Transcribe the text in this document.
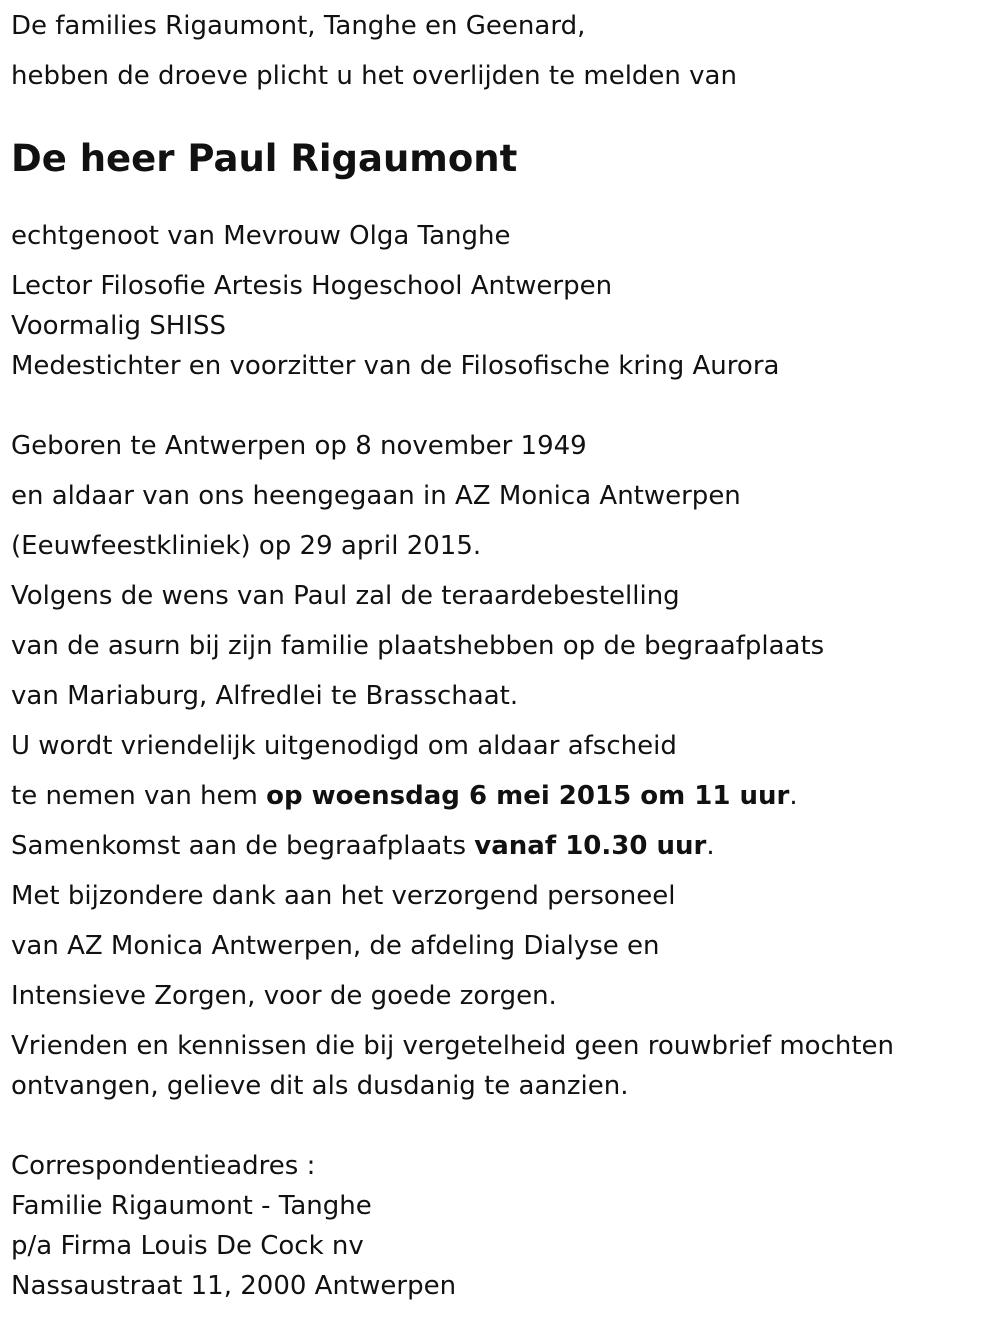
De families Rigaumont, Tanghe en Geenard,

hebben de droeve plicht u het overlijden te melden van

De heer Paul Rigaumont

echtgenoot van Mevrouw Olga Tanghe

Lector Filosofie Artesis Hogeschool Antwerpen

Voormalig SHISS

Medestichter en voorzitter van de Filosofische kring Aurora

Geboren te Antwerpen op 8 november 1949

en aldaar van ons heengegaan in AZ Monica Antwerpen

(Eeuwfeestkliniek) op 29 april 2015.

Volgens de wens van Paul zal de teraardebestelling

van de asurn bij zijn familie plaatshebben op de begraafplaats

van Mariaburg, Alfredlei te Brasschaat.

U wordt vriendelijk uitgenodigd om aldaar afscheid

te nemen van hem op woensdag 6 mei 2015 om 11 uur.

Samenkomst aan de begraafplaats vanaf 10.30 uur.

Met bijzondere dank aan het verzorgend personeel

van AZ Monica Antwerpen, de afdeling Dialyse en

Intensieve Zorgen, voor de goede zorgen.

Vrienden en kennissen die bij vergetelheid geen rouwbrief mochten

ontvangen, gelieve dit als dusdanig te aanzien.

Correspondentieadres :

Familie Rigaumont - Tanghe

p/a Firma Louis De Cock nv

Nassaustraat 11, 2000 Antwerpen
